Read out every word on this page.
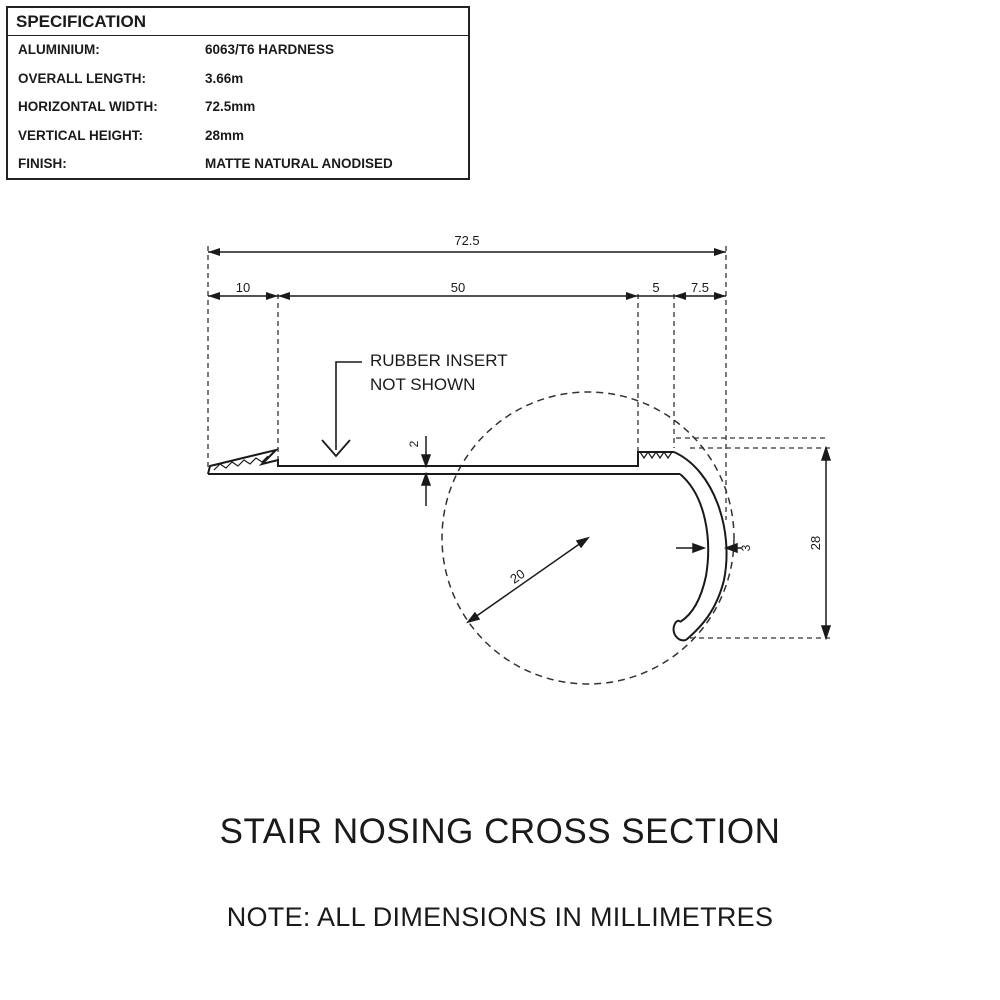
SPECIFICATION
ALUMINIUM:	6063/T6 HARDNESS
OVERALL LENGTH:	3.66m
HORIZONTAL WIDTH:	72.5mm
VERTICAL HEIGHT:	28mm
FINISH:	MATTE NATURAL ANODISED
72.5
10	50	5 7.5
RUBBER INSERT
NOT SHOWN
2
3	28
20
STAIR NOSING CROSS SECTION
NOTE: ALL DIMENSIONS IN MILLIMETRES
